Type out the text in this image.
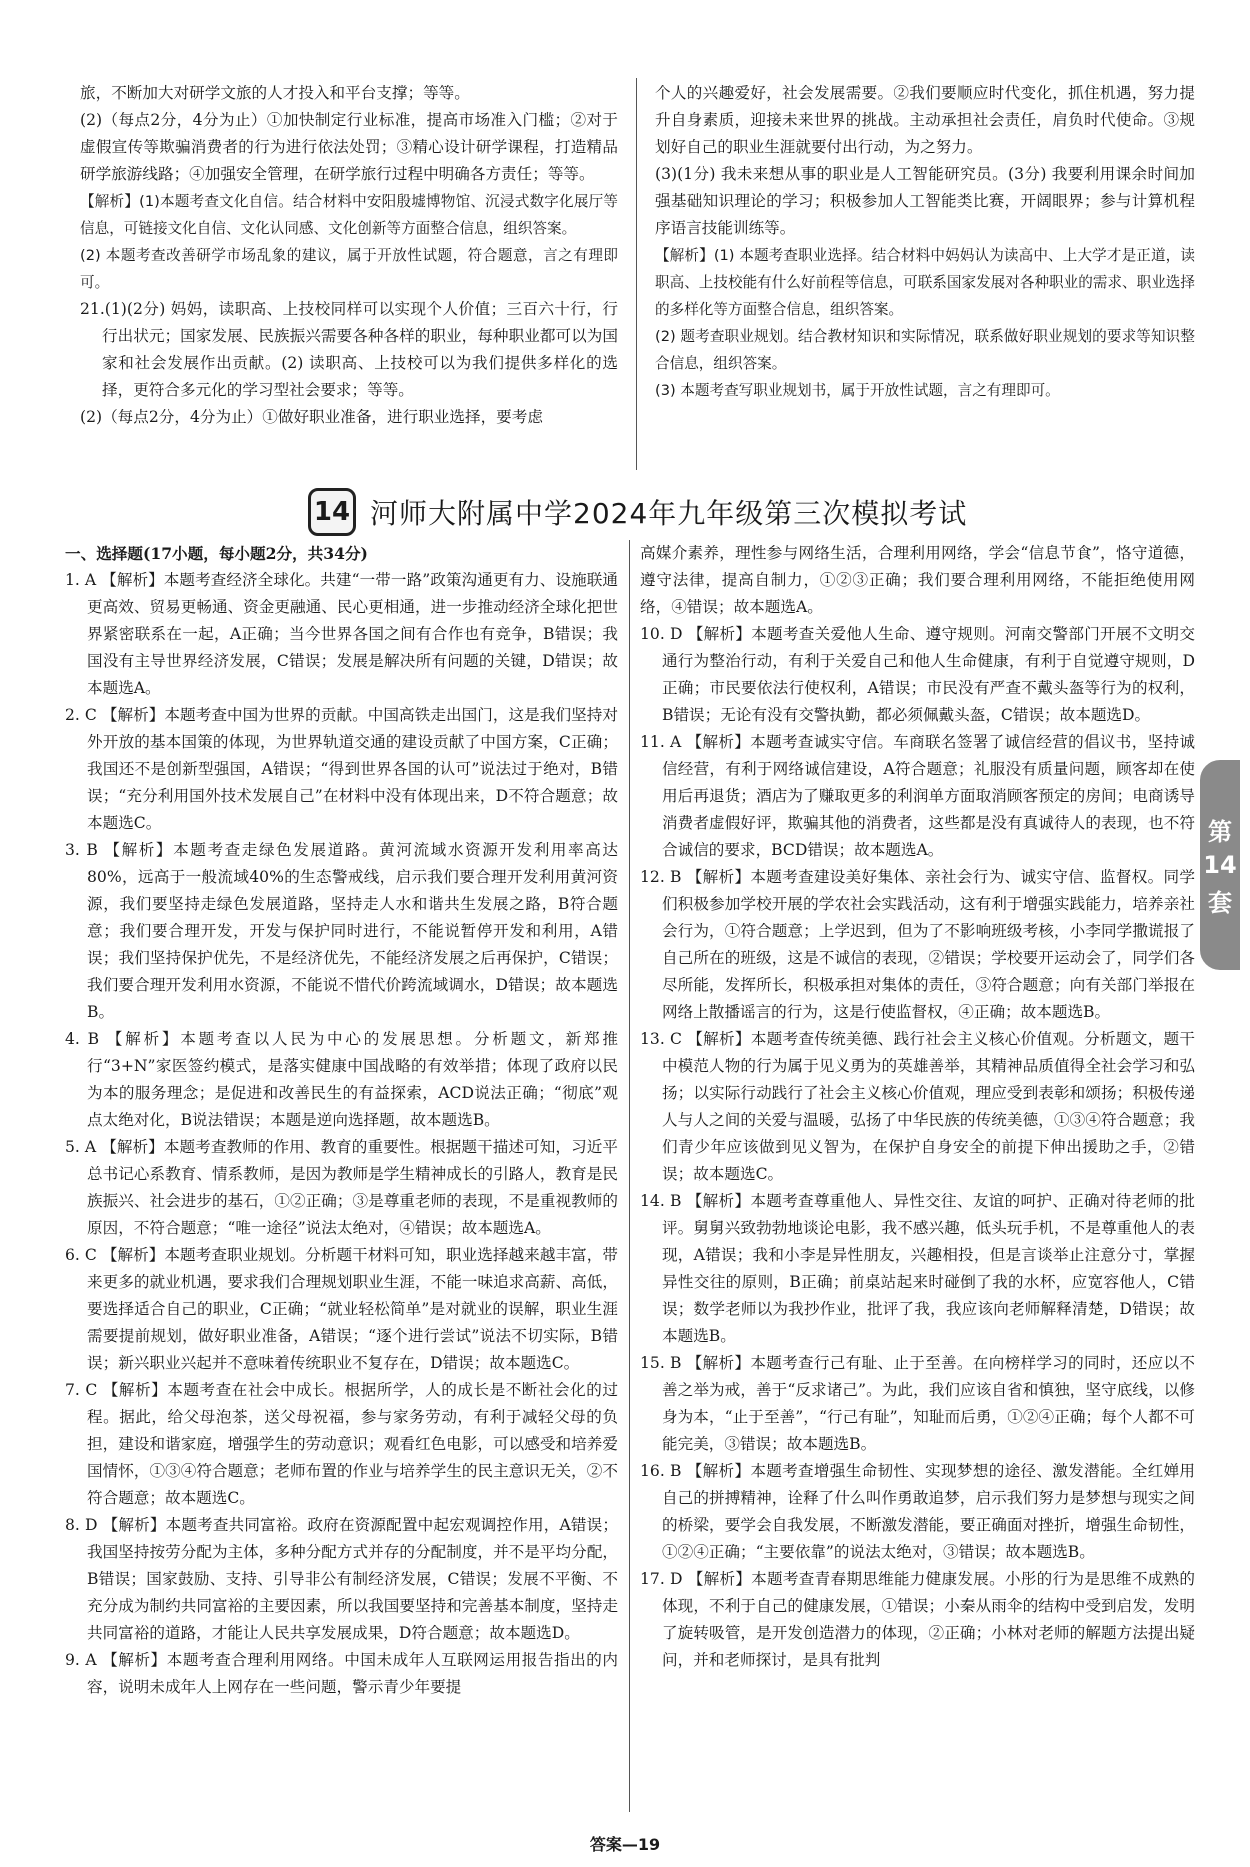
旅，不断加大对研学文旅的人才投入和平台支撑；等等。

(2)（每点2分，4分为止）①加快制定行业标准，提高市场准入门槛；②对于虚假宣传等欺骗消费者的行为进行依法处罚；③精心设计研学课程，打造精品研学旅游线路；④加强安全管理，在研学旅行过程中明确各方责任；等等。

【解析】(1)本题考查文化自信。结合材料中安阳殷墟博物馆、沉浸式数字化展厅等信息，可链接文化自信、文化认同感、文化创新等方面整合信息，组织答案。

(2) 本题考查改善研学市场乱象的建议，属于开放性试题，符合题意，言之有理即可。

21.(1)(2分) 妈妈，读职高、上技校同样可以实现个人价值；三百六十行，行行出状元；国家发展、民族振兴需要各种各样的职业，每种职业都可以为国家和社会发展作出贡献。(2) 读职高、上技校可以为我们提供多样化的选择，更符合多元化的学习型社会要求；等等。

(2)（每点2分，4分为止）①做好职业准备，进行职业选择，要考虑

个人的兴趣爱好，社会发展需要。②我们要顺应时代变化，抓住机遇，努力提升自身素质，迎接未来世界的挑战。主动承担社会责任，肩负时代使命。③规划好自己的职业生涯就要付出行动，为之努力。

(3)(1分) 我未来想从事的职业是人工智能研究员。(3分) 我要利用课余时间加强基础知识理论的学习；积极参加人工智能类比赛，开阔眼界；参与计算机程序语言技能训练等。

【解析】(1) 本题考查职业选择。结合材料中妈妈认为读高中、上大学才是正道，读职高、上技校能有什么好前程等信息，可联系国家发展对各种职业的需求、职业选择的多样化等方面整合信息，组织答案。

(2) 题考查职业规划。结合教材知识和实际情况，联系做好职业规划的要求等知识整合信息，组织答案。

(3) 本题考查写职业规划书，属于开放性试题，言之有理即可。

14 河师大附属中学2024年九年级第三次模拟考试

一、选择题(17小题，每小题2分，共34分)

1. A 【解析】本题考查经济全球化。共建“一带一路”政策沟通更有力、设施联通更高效、贸易更畅通、资金更融通、民心更相通，进一步推动经济全球化把世界紧密联系在一起，A正确；当今世界各国之间有合作也有竞争，B错误；我国没有主导世界经济发展，C错误；发展是解决所有问题的关键，D错误；故本题选A。

2. C 【解析】本题考查中国为世界的贡献。中国高铁走出国门，这是我们坚持对外开放的基本国策的体现，为世界轨道交通的建设贡献了中国方案，C正确；我国还不是创新型强国，A错误；“得到世界各国的认可”说法过于绝对，B错误；“充分利用国外技术发展自己”在材料中没有体现出来，D不符合题意；故本题选C。

3. B 【解析】本题考查走绿色发展道路。黄河流域水资源开发利用率高达80%，远高于一般流域40%的生态警戒线，启示我们要合理开发利用黄河资源，我们要坚持走绿色发展道路，坚持走人水和谐共生发展之路，B符合题意；我们要合理开发，开发与保护同时进行，不能说暂停开发和利用，A错误；我们坚持保护优先，不是经济优先，不能经济发展之后再保护，C错误；我们要合理开发利用水资源，不能说不惜代价跨流域调水，D错误；故本题选B。

4. B 【解析】本题考查以人民为中心的发展思想。分析题文，新郑推行“3+N”家医签约模式，是落实健康中国战略的有效举措；体现了政府以民为本的服务理念；是促进和改善民生的有益探索，ACD说法正确；“彻底”观点太绝对化，B说法错误；本题是逆向选择题，故本题选B。

5. A 【解析】本题考查教师的作用、教育的重要性。根据题干描述可知，习近平总书记心系教育、情系教师，是因为教师是学生精神成长的引路人，教育是民族振兴、社会进步的基石，①②正确；③是尊重老师的表现，不是重视教师的原因，不符合题意；“唯一途径”说法太绝对，④错误；故本题选A。

6. C 【解析】本题考查职业规划。分析题干材料可知，职业选择越来越丰富，带来更多的就业机遇，要求我们合理规划职业生涯，不能一味追求高薪、高低，要选择适合自己的职业，C正确；“就业轻松简单”是对就业的误解，职业生涯需要提前规划，做好职业准备，A错误；“逐个进行尝试”说法不切实际，B错误；新兴职业兴起并不意味着传统职业不复存在，D错误；故本题选C。

7. C 【解析】本题考查在社会中成长。根据所学，人的成长是不断社会化的过程。据此，给父母泡茶，送父母祝福，参与家务劳动，有利于减轻父母的负担，建设和谐家庭，增强学生的劳动意识；观看红色电影，可以感受和培养爱国情怀，①③④符合题意；老师布置的作业与培养学生的民主意识无关，②不符合题意；故本题选C。

8. D 【解析】本题考查共同富裕。政府在资源配置中起宏观调控作用，A错误；我国坚持按劳分配为主体，多种分配方式并存的分配制度，并不是平均分配，B错误；国家鼓励、支持、引导非公有制经济发展，C错误；发展不平衡、不充分成为制约共同富裕的主要因素，所以我国要坚持和完善基本制度，坚持走共同富裕的道路，才能让人民共享发展成果，D符合题意；故本题选D。

9. A 【解析】本题考查合理利用网络。中国未成年人互联网运用报告指出的内容，说明未成年人上网存在一些问题，警示青少年要提

高媒介素养，理性参与网络生活，合理利用网络，学会“信息节食”，恪守道德，遵守法律，提高自制力，①②③正确；我们要合理利用网络，不能拒绝使用网络，④错误；故本题选A。

10. D 【解析】本题考查关爱他人生命、遵守规则。河南交警部门开展不文明交通行为整治行动，有利于关爱自己和他人生命健康，有利于自觉遵守规则，D正确；市民要依法行使权利，A错误；市民没有严查不戴头盔等行为的权利，B错误；无论有没有交警执勤，都必须佩戴头盔，C错误；故本题选D。

11. A 【解析】本题考查诚实守信。车商联名签署了诚信经营的倡议书，坚持诚信经营，有利于网络诚信建设，A符合题意；礼服没有质量问题，顾客却在使用后再退货；酒店为了赚取更多的利润单方面取消顾客预定的房间；电商诱导消费者虚假好评，欺骗其他的消费者，这些都是没有真诚待人的表现，也不符合诚信的要求，BCD错误；故本题选A。

12. B 【解析】本题考查建设美好集体、亲社会行为、诚实守信、监督权。同学们积极参加学校开展的学农社会实践活动，这有利于增强实践能力，培养亲社会行为，①符合题意；上学迟到，但为了不影响班级考核，小李同学撒谎报了自己所在的班级，这是不诚信的表现，②错误；学校要开运动会了，同学们各尽所能，发挥所长，积极承担对集体的责任，③符合题意；向有关部门举报在网络上散播谣言的行为，这是行使监督权，④正确；故本题选B。

13. C 【解析】本题考查传统美德、践行社会主义核心价值观。分析题文，题干中模范人物的行为属于见义勇为的英雄善举，其精神品质值得全社会学习和弘扬；以实际行动践行了社会主义核心价值观，理应受到表彰和颂扬；积极传递人与人之间的关爱与温暖，弘扬了中华民族的传统美德，①③④符合题意；我们青少年应该做到见义智为，在保护自身安全的前提下伸出援助之手，②错误；故本题选C。

14. B 【解析】本题考查尊重他人、异性交往、友谊的呵护、正确对待老师的批评。舅舅兴致勃勃地谈论电影，我不感兴趣，低头玩手机，不是尊重他人的表现，A错误；我和小李是异性朋友，兴趣相投，但是言谈举止注意分寸，掌握异性交往的原则，B正确；前桌站起来时碰倒了我的水杯，应宽容他人，C错误；数学老师以为我抄作业，批评了我，我应该向老师解释清楚，D错误；故本题选B。

15. B 【解析】本题考查行己有耻、止于至善。在向榜样学习的同时，还应以不善之举为戒，善于“反求诸己”。为此，我们应该自省和慎独，坚守底线，以修身为本，“止于至善”，“行己有耻”，知耻而后勇，①②④正确；每个人都不可能完美，③错误；故本题选B。

16. B 【解析】本题考查增强生命韧性、实现梦想的途径、激发潜能。全红婵用自己的拼搏精神，诠释了什么叫作勇敢追梦，启示我们努力是梦想与现实之间的桥梁，要学会自我发展，不断激发潜能，要正确面对挫折，增强生命韧性，①②④正确；“主要依靠”的说法太绝对，③错误；故本题选B。

17. D 【解析】本题考查青春期思维能力健康发展。小彤的行为是思维不成熟的体现，不利于自己的健康发展，①错误；小秦从雨伞的结构中受到启发，发明了旋转吸管，是开发创造潜力的体现，②正确；小林对老师的解题方法提出疑问，并和老师探讨，是具有批判

第
14
套
答案—19
